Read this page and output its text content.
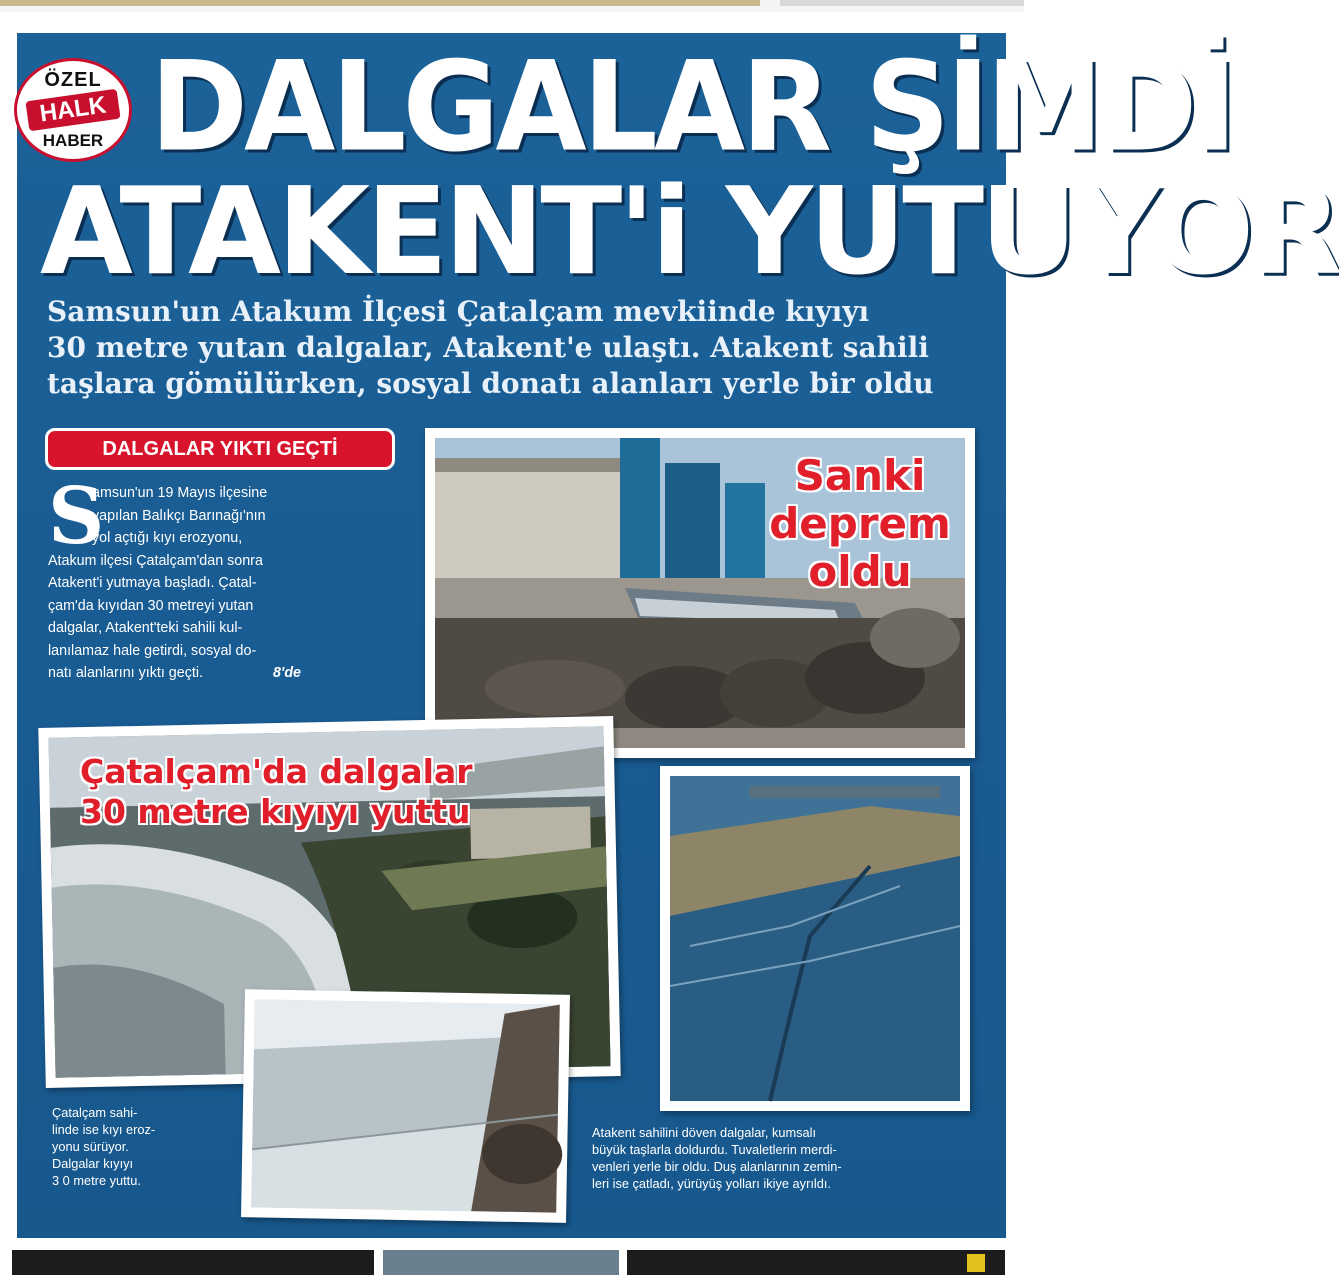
ÖZEL
HALK
HABER DALGALAR ŞİMDİ
ATAKENT'i YUTUYOR
Samsun'un Atakum İlçesi Çatalçam mevkiinde kıyıyı
30 metre yutan dalgalar, Atakent'e ulaştı. Atakent sahili
taşlara gömülürken, sosyal donatı alanları yerle bir oldu
DALGALAR YIKTI GEÇTİ
S
amsun'un 19 Mayıs ilçesine
yapılan Balıkçı Barınağı'nın
yol açtığı kıyı erozyonu,
Atakum ilçesi Çatalçam'dan sonra
Atakent'i yutmaya başladı. Çatal-
çam'da kıyıdan 30 metreyi yutan
dalgalar, Atakent'teki sahili kul-
lanılamaz hale getirdi, sosyal do-
natı alanlarını yıktı geçti.	8'de
Sanki
deprem
oldu
Çatalçam'da dalgalar
30 metre kıyıyı yuttu
Çatalçam sahi-
linde ise kıyı eroz-
yonu sürüyor.
Dalgalar kıyıyı
3 0 metre yuttu.
Atakent sahilini döven dalgalar, kumsalı
büyük taşlarla doldurdu. Tuvaletlerin merdi-
venleri yerle bir oldu. Duş alanlarının zemin-
leri ise çatladı, yürüyüş yolları ikiye ayrıldı.
